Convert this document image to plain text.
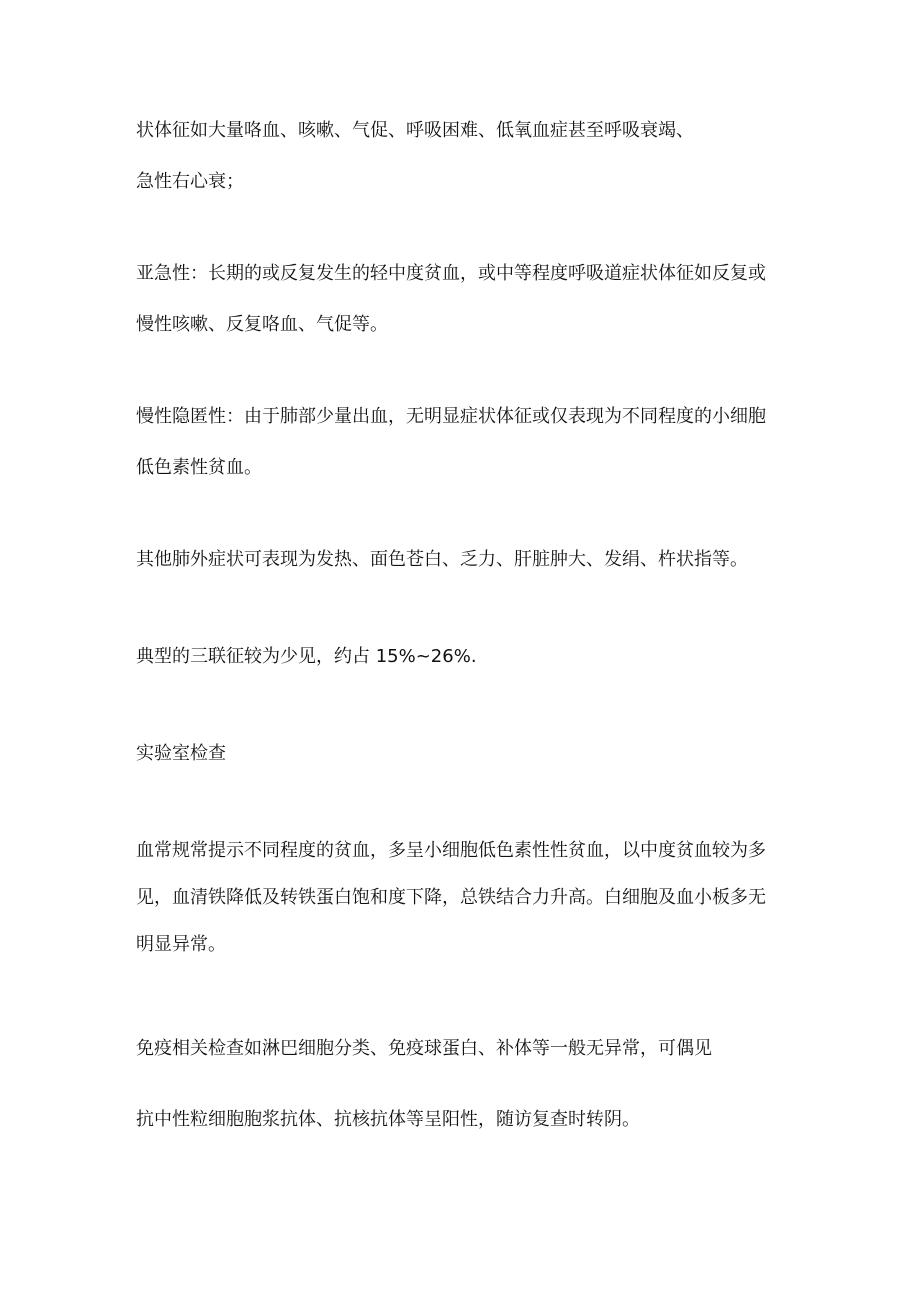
状体征如大量咯血、咳嗽、气促、呼吸困难、低氧血症甚至呼吸衰竭、
急性右心衰；
亚急性：长期的或反复发生的轻中度贫血，或中等程度呼吸道症状体征如反复或
慢性咳嗽、反复咯血、气促等。
慢性隐匿性：由于肺部少量出血，无明显症状体征或仅表现为不同程度的小细胞
低色素性贫血。
其他肺外症状可表现为发热、面色苍白、乏力、肝脏肿大、发绢、杵状指等。
典型的三联征较为少见，约占 15%~26%.
实验室检查
血常规常提示不同程度的贫血，多呈小细胞低色素性性贫血，以中度贫血较为多
见，血清铁降低及转铁蛋白饱和度下降，总铁结合力升高。白细胞及血小板多无
明显异常。
免疫相关检查如淋巴细胞分类、免疫球蛋白、补体等一般无异常，可偶见
抗中性粒细胞胞浆抗体、抗核抗体等呈阳性，随访复查时转阴。
